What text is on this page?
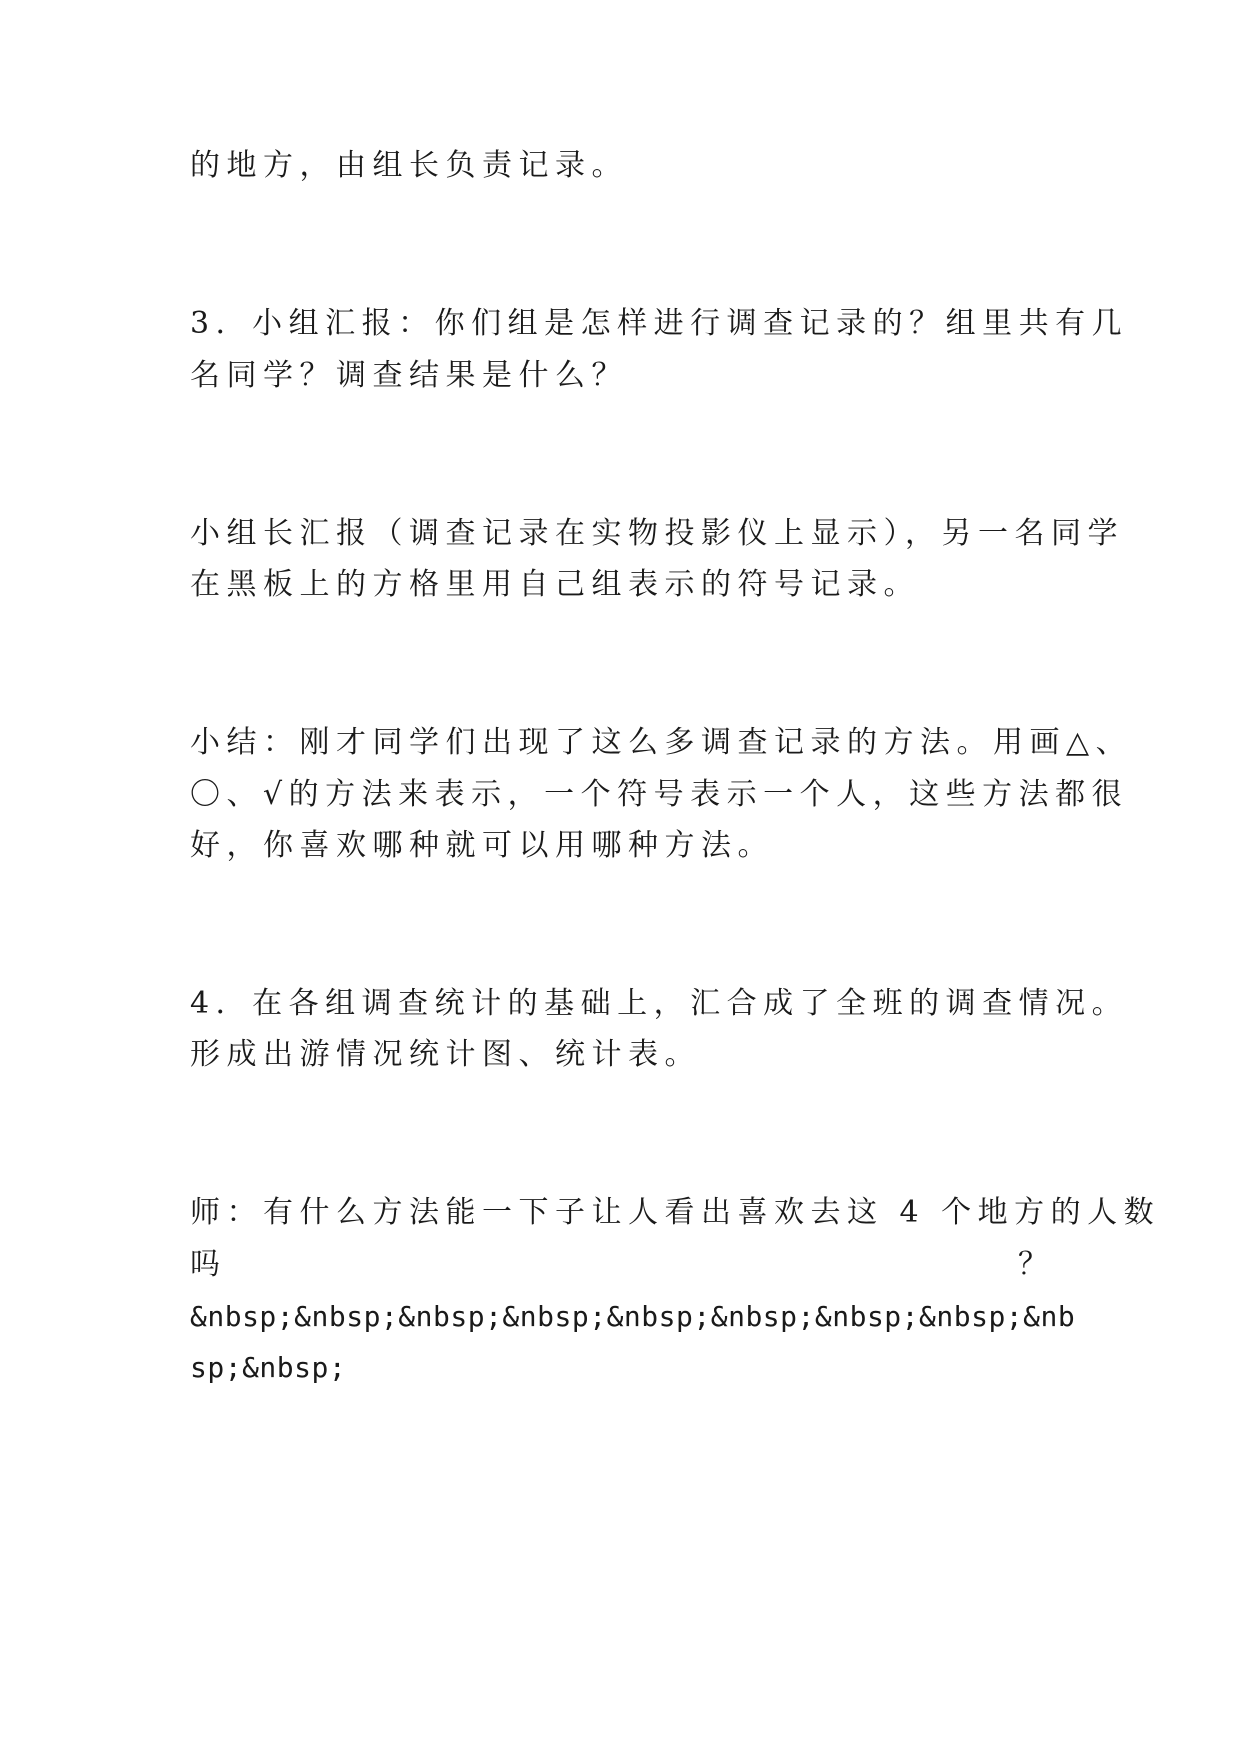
的地方，由组长负责记录。
3．小组汇报：你们组是怎样进行调查记录的？组里共有几
名同学？调查结果是什么？
小组长汇报（调查记录在实物投影仪上显示），另一名同学
在黑板上的方格里用自己组表示的符号记录。
小结：刚才同学们出现了这么多调查记录的方法。用画△、
〇、√的方法来表示，一个符号表示一个人，这些方法都很
好，你喜欢哪种就可以用哪种方法。
4．在各组调查统计的基础上，汇合成了全班的调查情况。
形成出游情况统计图、统计表。
师：有什么方法能一下子让人看出喜欢去这 4 个地方的人数
吗	？
&nbsp;&nbsp;&nbsp;&nbsp;&nbsp;&nbsp;&nbsp;&nbsp;&nb
sp;&nbsp;
